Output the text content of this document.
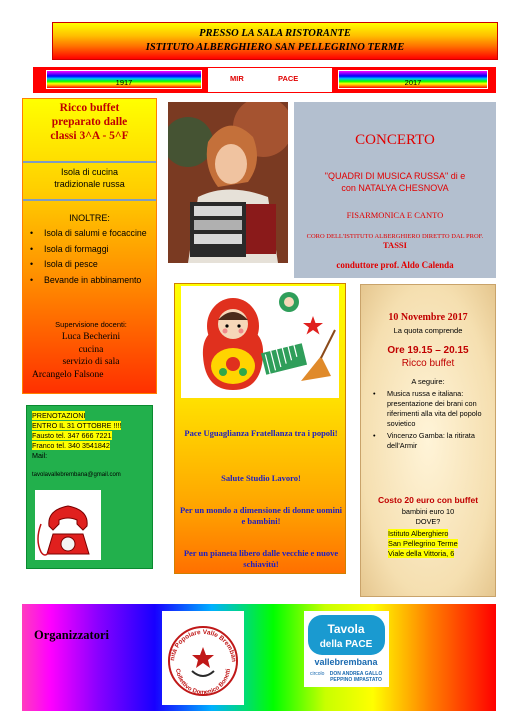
PRESSO LA SALA RISTORANTE
ISTITUTO ALBERGHIERO SAN PELLEGRINO TERME
1917	MIR	PACE	2017
Ricco buffet
preparato dalle
classi 3^A - 5^F
Isola di cucina
tradizionale russa
INOLTRE:
• Isola di salumi e focaccine
• Isola di formaggi
• Isola di pesce
• Bevande in abbinamento
Supervisione docenti:
Luca Becherini
cucina
servizio di sala
Arcangelo Falsone
CONCERTO
"QUADRI DI MUSICA RUSSA" di e
con NATALYA CHESNOVA
FISARMONICA E CANTO
CORO DELL'ISTITUTO ALBERGHIERO DIRETTO DAL PROF. TASSI
conduttore prof. Aldo Calenda
Pace Uguaglianza Fratellanza tra i popoli!
Salute Studio Lavoro!
Per un mondo a dimensione di donne uomini e bambini!
Per un pianeta libero dalle vecchie e nuove schiavitù!
PRENOTAZIONI
ENTRO IL 31 OTTOBRE !!!!
Fausto tel. 347 666 7221
Franco tel. 340 3541842
Mail:
tavolavallebrembana@gmail.com
10 Novembre 2017
La quota comprende
Ore 19.15 – 20.15
Ricco buffet
A seguire:
• Musica russa e italiana: presentazione dei brani con riferimenti alla vita del popolo sovietico
• Vincenzo Gamba: la ritirata dell'Armir
Costo 20 euro con buffet
bambini euro 10
DOVE?
Istituto Alberghiero
San Pellegrino Terme
Viale della Vittoria, 6
Organizzatori
nità Popolare Valle Bremban
Collettivo Domenico Bonetti
Tavola
della PACE
vallebrembana
circolo DON ANDREA GALLO
PEPPINO IMPASTATO
